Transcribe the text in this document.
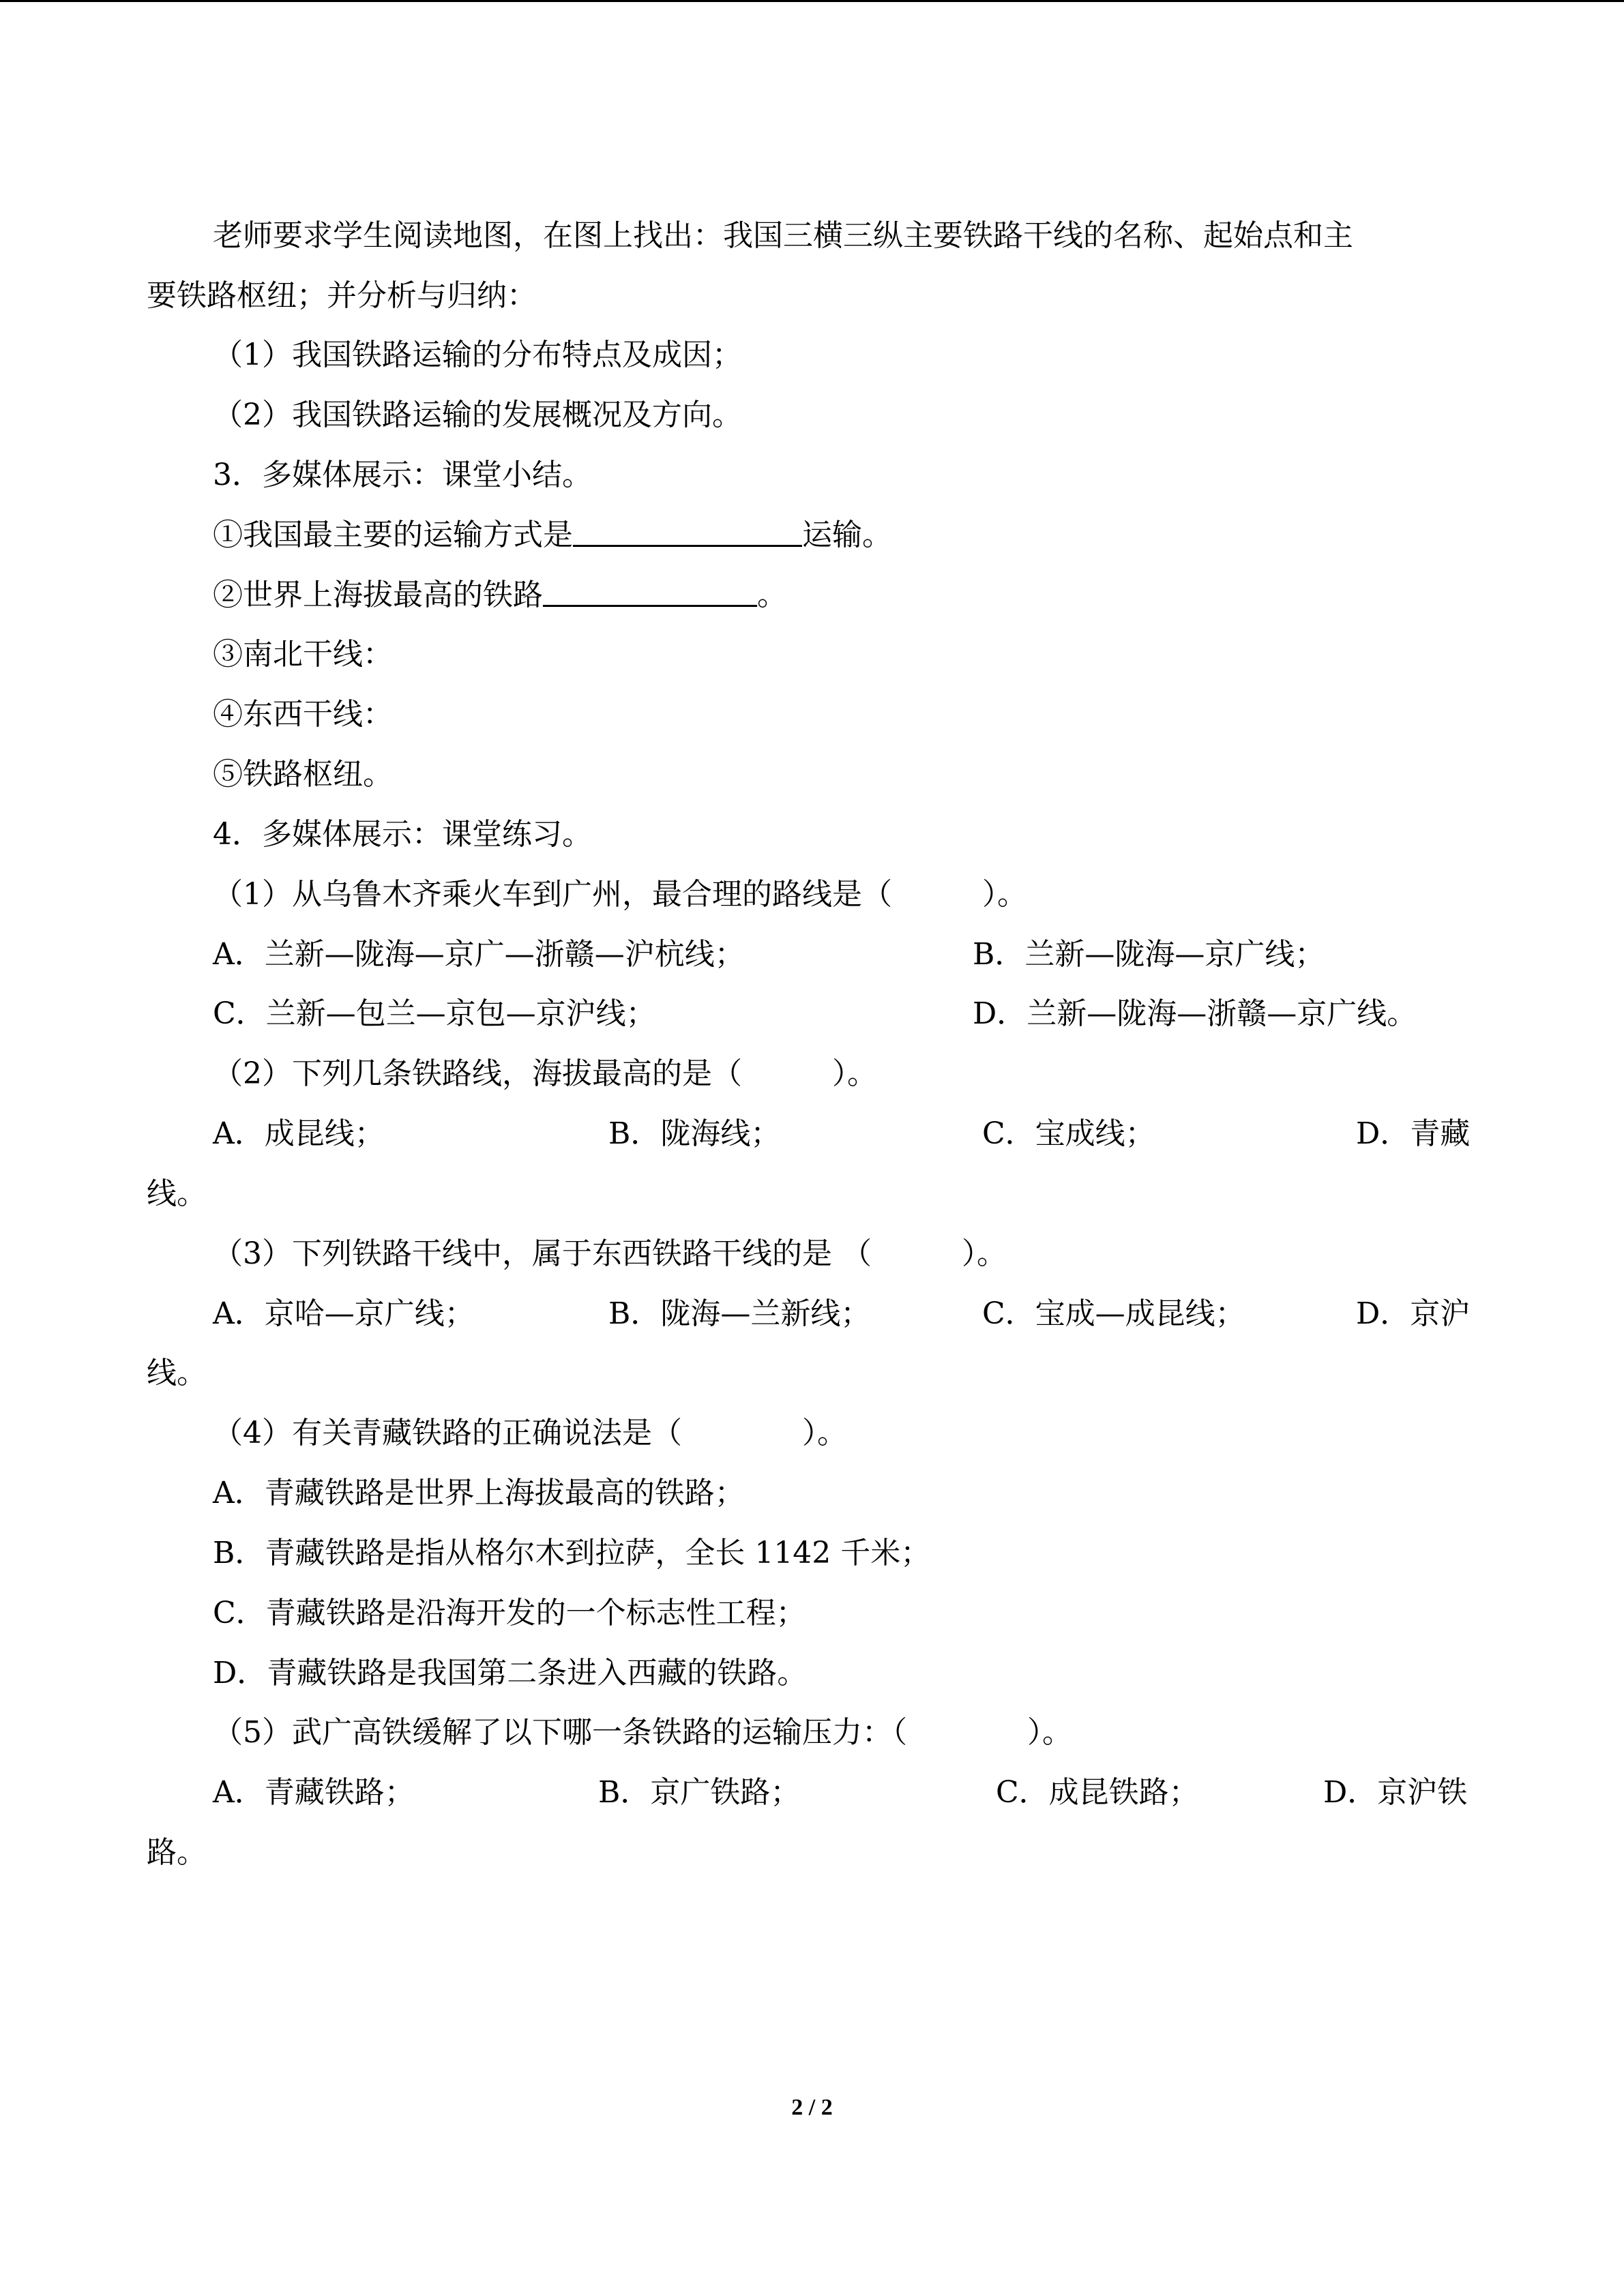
老师要求学生阅读地图，在图上找出：我国三横三纵主要铁路干线的名称、起始点和主
要铁路枢纽；并分析与归纳：
（1）我国铁路运输的分布特点及成因；
（2）我国铁路运输的发展概况及方向。
3．多媒体展示：课堂小结。
①我国最主要的运输方式是	运输。
②世界上海拔最高的铁路	。
③南北干线：
④东西干线：
⑤铁路枢纽。
4．多媒体展示：课堂练习。
（1）从乌鲁木齐乘火车到广州，最合理的路线是（　　　）。
A．兰新—陇海—京广—浙赣—沪杭线；	B．兰新—陇海—京广线；
C．兰新—包兰—京包—京沪线；	D．兰新—陇海—浙赣—京广线。
（2）下列几条铁路线，海拔最高的是（　　　）。
A．成昆线；	B．陇海线；	C．宝成线；	D．青藏
线。
（3）下列铁路干线中，属于东西铁路干线的是 （　　　）。
A．京哈—京广线；	B．陇海—兰新线；	C．宝成—成昆线；	D．京沪
线。
（4）有关青藏铁路的正确说法是（　　　　）。
A．青藏铁路是世界上海拔最高的铁路；
B．青藏铁路是指从格尔木到拉萨，全长 1142 千米；
C．青藏铁路是沿海开发的一个标志性工程；
D．青藏铁路是我国第二条进入西藏的铁路。
（5）武广高铁缓解了以下哪一条铁路的运输压力：（　　　　）。
A．青藏铁路；	B．京广铁路；	C．成昆铁路；	D．京沪铁
路。
2 / 2
